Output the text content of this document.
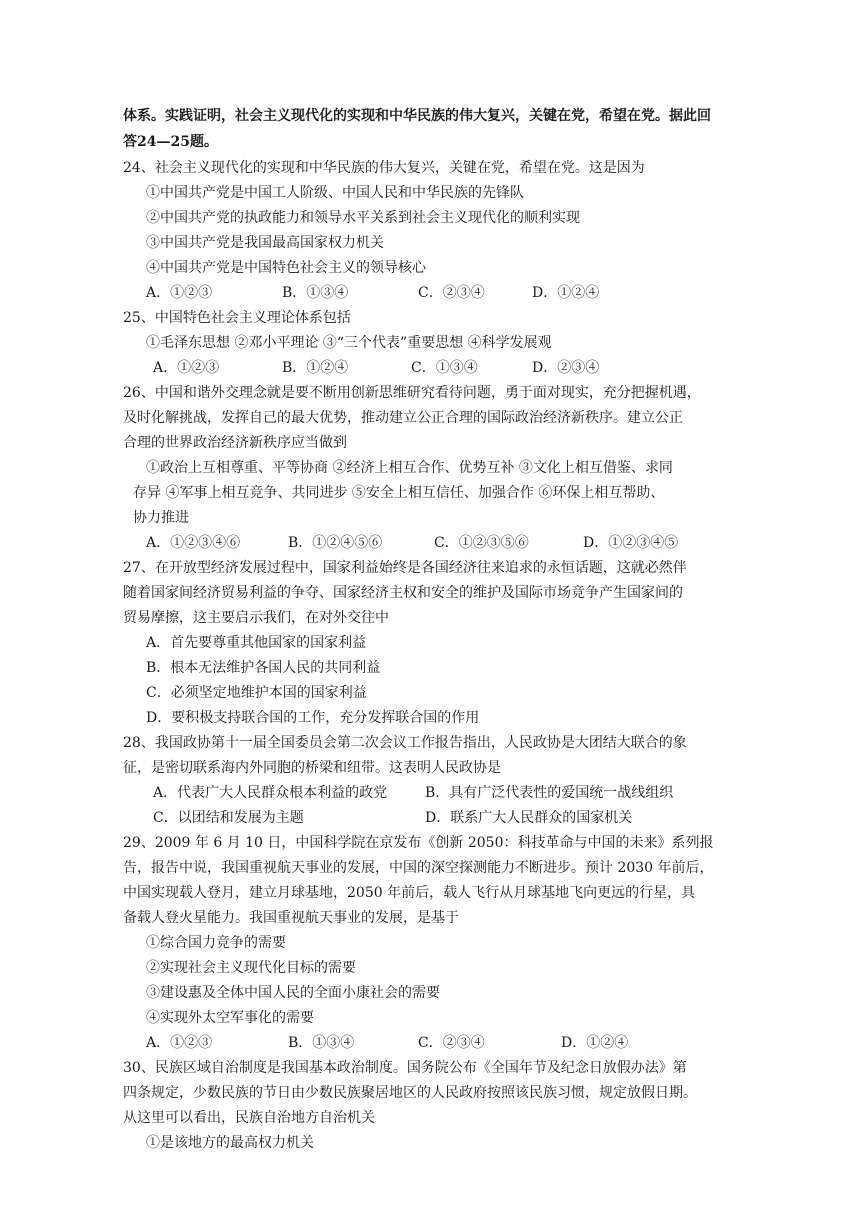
体系。实践证明，社会主义现代化的实现和中华民族的伟大复兴，关键在党，希望在党。据此回
答24—25题。
24、社会主义现代化的实现和中华民族的伟大复兴，关键在党，希望在党。这是因为
①中国共产党是中国工人阶级、中国人民和中华民族的先锋队
②中国共产党的执政能力和领导水平关系到社会主义现代化的顺利实现
③中国共产党是我国最高国家权力机关
④中国共产党是中国特色社会主义的领导核心
A．①②③	B．①③④	C．②③④	D．①②④
25、中国特色社会主义理论体系包括
①毛泽东思想 ②邓小平理论 ③“三个代表”重要思想 ④科学发展观
A．①②③	B．①②④	C．①③④	D．②③④
26、中国和谐外交理念就是要不断用创新思维研究看待问题，勇于面对现实，充分把握机遇，
及时化解挑战，发挥自己的最大优势，推动建立公正合理的国际政治经济新秩序。建立公正
合理的世界政治经济新秩序应当做到
①政治上互相尊重、平等协商 ②经济上相互合作、优势互补 ③文化上相互借鉴、求同
存异 ④军事上相互竞争、共同进步 ⑤安全上相互信任、加强合作 ⑥环保上相互帮助、
协力推进
A．①②③④⑥	B．①②④⑤⑥	C．①②③⑤⑥	D．①②③④⑤
27、在开放型经济发展过程中，国家利益始终是各国经济往来追求的永恒话题，这就必然伴
随着国家间经济贸易利益的争夺、国家经济主权和安全的维护及国际市场竞争产生国家间的
贸易摩擦，这主要启示我们，在对外交往中
A．首先要尊重其他国家的国家利益
B．根本无法维护各国人民的共同利益
C．必须坚定地维护本国的国家利益
D．要积极支持联合国的工作，充分发挥联合国的作用
28、我国政协第十一届全国委员会第二次会议工作报告指出，人民政协是大团结大联合的象
征，是密切联系海内外同胞的桥梁和纽带。这表明人民政协是
A．代表广大人民群众根本利益的政党	B．具有广泛代表性的爱国统一战线组织
C．以团结和发展为主题	D．联系广大人民群众的国家机关
29、2009 年 6 月 10 日，中国科学院在京发布《创新 2050：科技革命与中国的未来》系列报
告，报告中说，我国重视航天事业的发展，中国的深空探测能力不断进步。预计 2030 年前后，
中国实现载人登月，建立月球基地，2050 年前后，载人飞行从月球基地飞向更远的行星，具
备载人登火星能力。我国重视航天事业的发展，是基于
①综合国力竞争的需要
②实现社会主义现代化目标的需要
③建设惠及全体中国人民的全面小康社会的需要
④实现外太空军事化的需要
A．①②③	B．①③④	C．②③④	D．①②④
30、民族区域自治制度是我国基本政治制度。国务院公布《全国年节及纪念日放假办法》第
四条规定，少数民族的节日由少数民族聚居地区的人民政府按照该民族习惯，规定放假日期。
从这里可以看出，民族自治地方自治机关
①是该地方的最高权力机关
